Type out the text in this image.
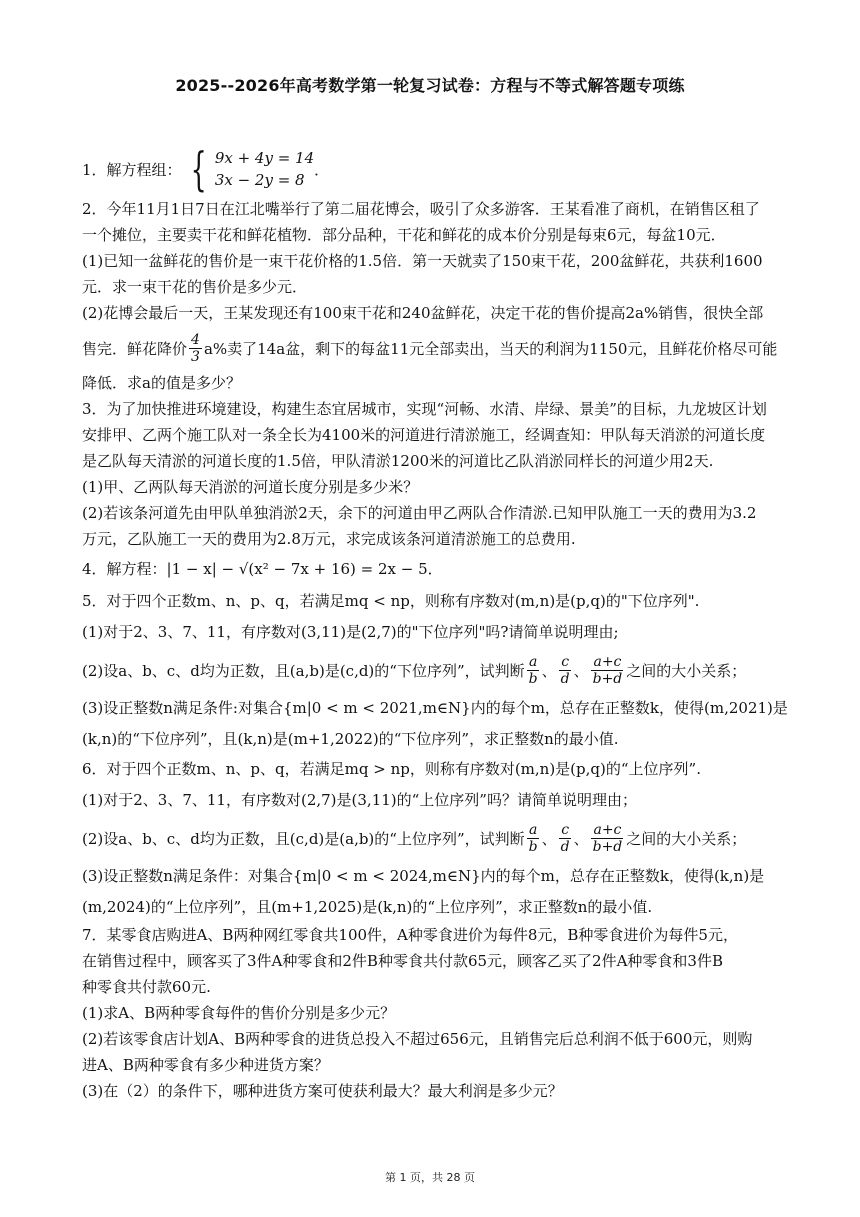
2025--2026年高考数学第一轮复习试卷：方程与不等式解答题专项练
1．解方程组： { 9x + 4y = 14
3x − 2y = 8
．
2．今年11月1日7日在江北嘴举行了第二届花博会，吸引了众多游客．王某看准了商机，在销售区租了
一个摊位，主要卖干花和鲜花植物．部分品种，干花和鲜花的成本价分别是每束6元，每盆10元．
(1)已知一盆鲜花的售价是一束干花价格的1.5倍．第一天就卖了150束干花，200盆鲜花，共获利1600
元．求一束干花的售价是多少元．
(2)花博会最后一天，王某发现还有100束干花和240盆鲜花，决定干花的售价提高2a%销售，很快全部
售完．鲜花降价 $\frac{4}{3} a\%$卖了14a盆，剩下的每盆11元全部卖出，当天的利润为1150元，且鲜花价格尽可能
降低．求a的值是多少？
3．为了加快推进环境建设，构建生态宜居城市，实现“河畅、水清、岸绿、景美”的目标，九龙坡区计划
安排甲、乙两个施工队对一条全长为4100米的河道进行清淤施工，经调查知：甲队每天消淤的河道长度
是乙队每天清淤的河道长度的1.5倍，甲队清淤1200米的河道比乙队消淤同样长的河道少用2天.
(1)甲、乙两队每天消淤的河道长度分别是多少米？
(2)若该条河道先由甲队单独消淤2天，余下的河道由甲乙两队合作清淤.已知甲队施工一天的费用为3.2
万元，乙队施工一天的费用为2.8万元，求完成该条河道清淤施工的总费用.
4．解方程：|1 − x| − √(x² − 7x + 16) = 2x − 5．
5．对于四个正数m、n、p、q，若满足mq < np，则称有序数对(m,n)是(p,q)的"下位序列".
(1)对于2、3、7、11，有序数对(3,11)是(2,7)的"下位序列"吗?请简单说明理由;
(2)设a、b、c、d均为正数，且(a,b)是(c,d)的“下位序列”，试判断 $\frac{a}{b}$ 、 $\frac{c}{d}$ 、 $\frac{a+c}{b+d}$ 之间的大小关系；
(3)设正整数n满足条件:对集合{m|0 < m < 2021,m∈N}内的每个m，总存在正整数k，使得(m,2021)是
(k,n)的“下位序列”，且(k,n)是(m+1,2022)的“下位序列”，求正整数n的最小值.
6．对于四个正数m、n、p、q，若满足mq > np，则称有序数对(m,n)是(p,q)的“上位序列”.
(1)对于2、3、7、11，有序数对(2,7)是(3,11)的“上位序列”吗？请简单说明理由；
(2)设a、b、c、d均为正数，且(c,d)是(a,b)的“上位序列”，试判断 $\frac{a}{b}$ 、 $\frac{c}{d}$ 、 $\frac{a+c}{b+d}$ 之间的大小关系；
(3)设正整数n满足条件：对集合{m|0 < m < 2024,m∈N}内的每个m，总存在正整数k，使得(k,n)是
(m,2024)的“上位序列”，且(m+1,2025)是(k,n)的“上位序列”，求正整数n的最小值.
7．某零食店购进A、B两种网红零食共100件，A种零食进价为每件8元，B种零食进价为每件5元，
在销售过程中，顾客买了3件A种零食和2件B种零食共付款65元，顾客乙买了2件A种零食和3件B
种零食共付款60元.
(1)求A、B两种零食每件的售价分别是多少元？
(2)若该零食店计划A、B两种零食的进货总投入不超过656元，且销售完后总利润不低于600元，则购
进A、B两种零食有多少种进货方案？
(3)在（2）的条件下，哪种进货方案可使获利最大？最大利润是多少元？
第 1 页，共 28 页
